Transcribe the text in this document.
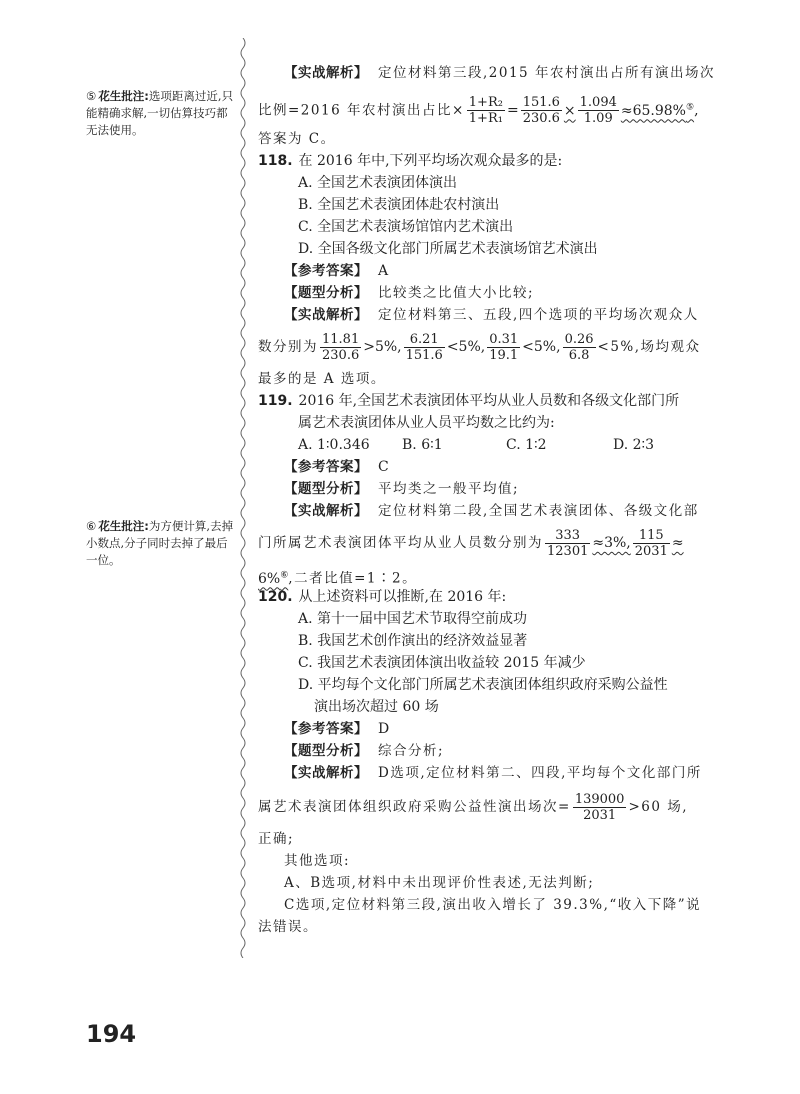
⑤ 花生批注:选项距离过近,只能精确求解,一切估算技巧都无法使用。
⑥ 花生批注:为方便计算,去掉小数点,分子同时去掉了最后一位。
【实战解析】 定位材料第三段,2015 年农村演出占所有演出场次
比例=2016 年农村演出占比× $\frac{\text{1+R₂}}{\text{1+R₁}} = \frac{151.6}{230.6} \times \frac{1.094}{1.09} \approx 65.98\%^⑤$,
答案为 C。
118. 在 2016 年中,下列平均场次观众最多的是:
A. 全国艺术表演团体演出
B. 全国艺术表演团体赴农村演出
C. 全国艺术表演场馆馆内艺术演出
D. 全国各级文化部门所属艺术表演场馆艺术演出
【参考答案】 A
【题型分析】 比较类之比值大小比较;
【实战解析】 定位材料第三、五段,四个选项的平均场次观众人
数分别为 $\frac{11.81}{230.6} >5\%$, $\frac{6.21}{151.6} <5\%$, $\frac{0.31}{19.1} <5\%$, $\frac{0.26}{6.8} <5\%$,场均观众
最多的是 A 选项。
119. 2016 年,全国艺术表演团体平均从业人员数和各级文化部门所
属艺术表演团体从业人员平均数之比约为:
A. 1∶0.346 B. 6∶1	C. 1∶2	D. 2∶3
【参考答案】 C
【题型分析】 平均类之一般平均值;
【实战解析】 定位材料第二段,全国艺术表演团体、各级文化部
门所属艺术表演团体平均从业人员数分别为 $\frac{333}{12301} \approx 3\%$, $\frac{115}{2031}$ ≈
6%⑥,二者比值=1∶2。
120. 从上述资料可以推断,在 2016 年:
A. 第十一届中国艺术节取得空前成功
B. 我国艺术创作演出的经济效益显著
C. 我国艺术表演团体演出收益较 2015 年减少
D. 平均每个文化部门所属艺术表演团体组织政府采购公益性
演出场次超过 60 场
【参考答案】 D
【题型分析】 综合分析;
【实战解析】 D选项,定位材料第二、四段,平均每个文化部门所
属艺术表演团体组织政府采购公益性演出场次= $\frac{139000}{2031} >60$ 场,
正确;
其他选项:
A、B选项,材料中未出现评价性表述,无法判断;
C选项,定位材料第三段,演出收入增长了 39.3%,“收入下降”说
法错误。
194
